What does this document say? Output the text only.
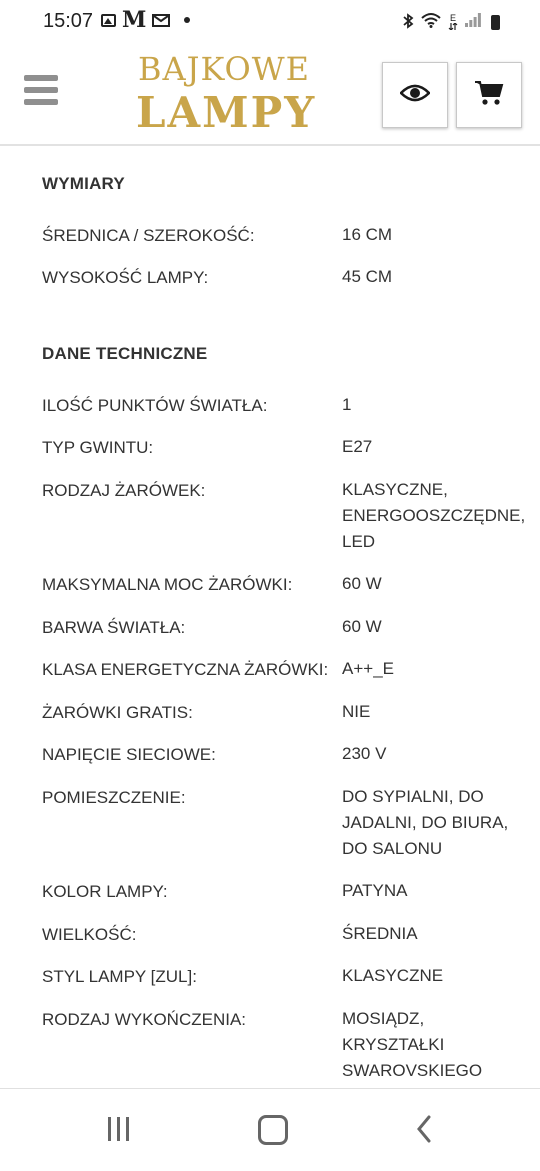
15:07 M	E

BAJKOWE
LAMPY
WYMIARY
ŚREDNICA / SZEROKOŚĆ:	16 CM
WYSOKOŚĆ LAMPY:	45 CM
DANE TECHNICZNE
ILOŚĆ PUNKTÓW ŚWIATŁA:	1
TYP GWINTU:	E27
RODZAJ ŻARÓWEK:	KLASYCZNE,
ENERGOOSZCZĘDNE,
LED
MAKSYMALNA MOC ŻARÓWKI:	60 W
BARWA ŚWIATŁA:	60 W
KLASA ENERGETYCZNA ŻARÓWKI: A++_E
ŻARÓWKI GRATIS:	NIE
NAPIĘCIE SIECIOWE:	230 V
POMIESZCZENIE:	DO SYPIALNI, DO
JADALNI, DO BIURA,
DO SALONU
KOLOR LAMPY:	PATYNA
WIELKOŚĆ:	ŚREDNIA
STYL LAMPY [ZUL]:	KLASYCZNE
RODZAJ WYKOŃCZENIA:	MOSIĄDZ,
KRYSZTAŁKI
SWAROVSKIEGO
